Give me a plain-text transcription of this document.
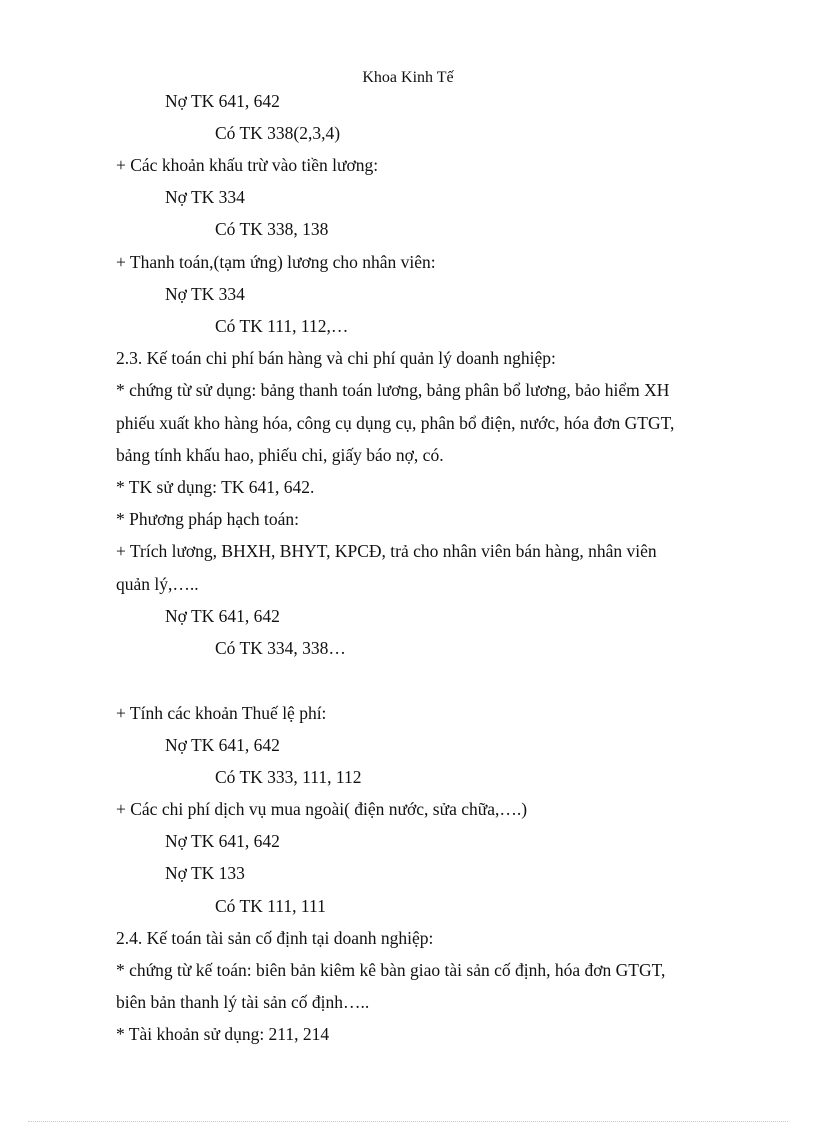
Khoa Kinh Tế
Nợ TK 641, 642
Có TK 338(2,3,4)
+ Các khoản khấu trừ vào tiền lương:
Nợ TK 334
Có TK 338, 138
+ Thanh toán,(tạm ứng) lương cho nhân viên:
Nợ TK 334
Có TK 111, 112,…
2.3. Kế toán chi phí bán hàng và chi phí quản lý doanh nghiệp:
* chứng từ sử dụng: bảng thanh toán lương, bảng phân bổ lương, bảo hiểm XH
phiếu xuất kho hàng hóa, công cụ dụng cụ, phân bổ điện, nước, hóa đơn GTGT,
bảng tính khấu hao, phiếu chi, giấy báo nợ, có.
* TK sử dụng: TK 641, 642.
* Phương pháp hạch toán:
+ Trích lương, BHXH, BHYT, KPCĐ, trả cho nhân viên bán hàng, nhân viên
quản lý,…..
Nợ TK 641, 642
Có TK 334, 338…
+ Tính các khoản Thuế lệ phí:
Nợ TK 641, 642
Có TK 333, 111, 112
+ Các chi phí dịch vụ mua ngoài( điện nước, sửa chữa,….)
Nợ TK 641, 642
Nợ TK 133
Có TK 111, 111
2.4. Kế toán tài sản cố định tại doanh nghiệp:
* chứng từ kế toán: biên bản kiêm kê bàn giao tài sản cố định, hóa đơn GTGT,
biên bản thanh lý tài sản cố định…..
* Tài khoản sử dụng: 211, 214
